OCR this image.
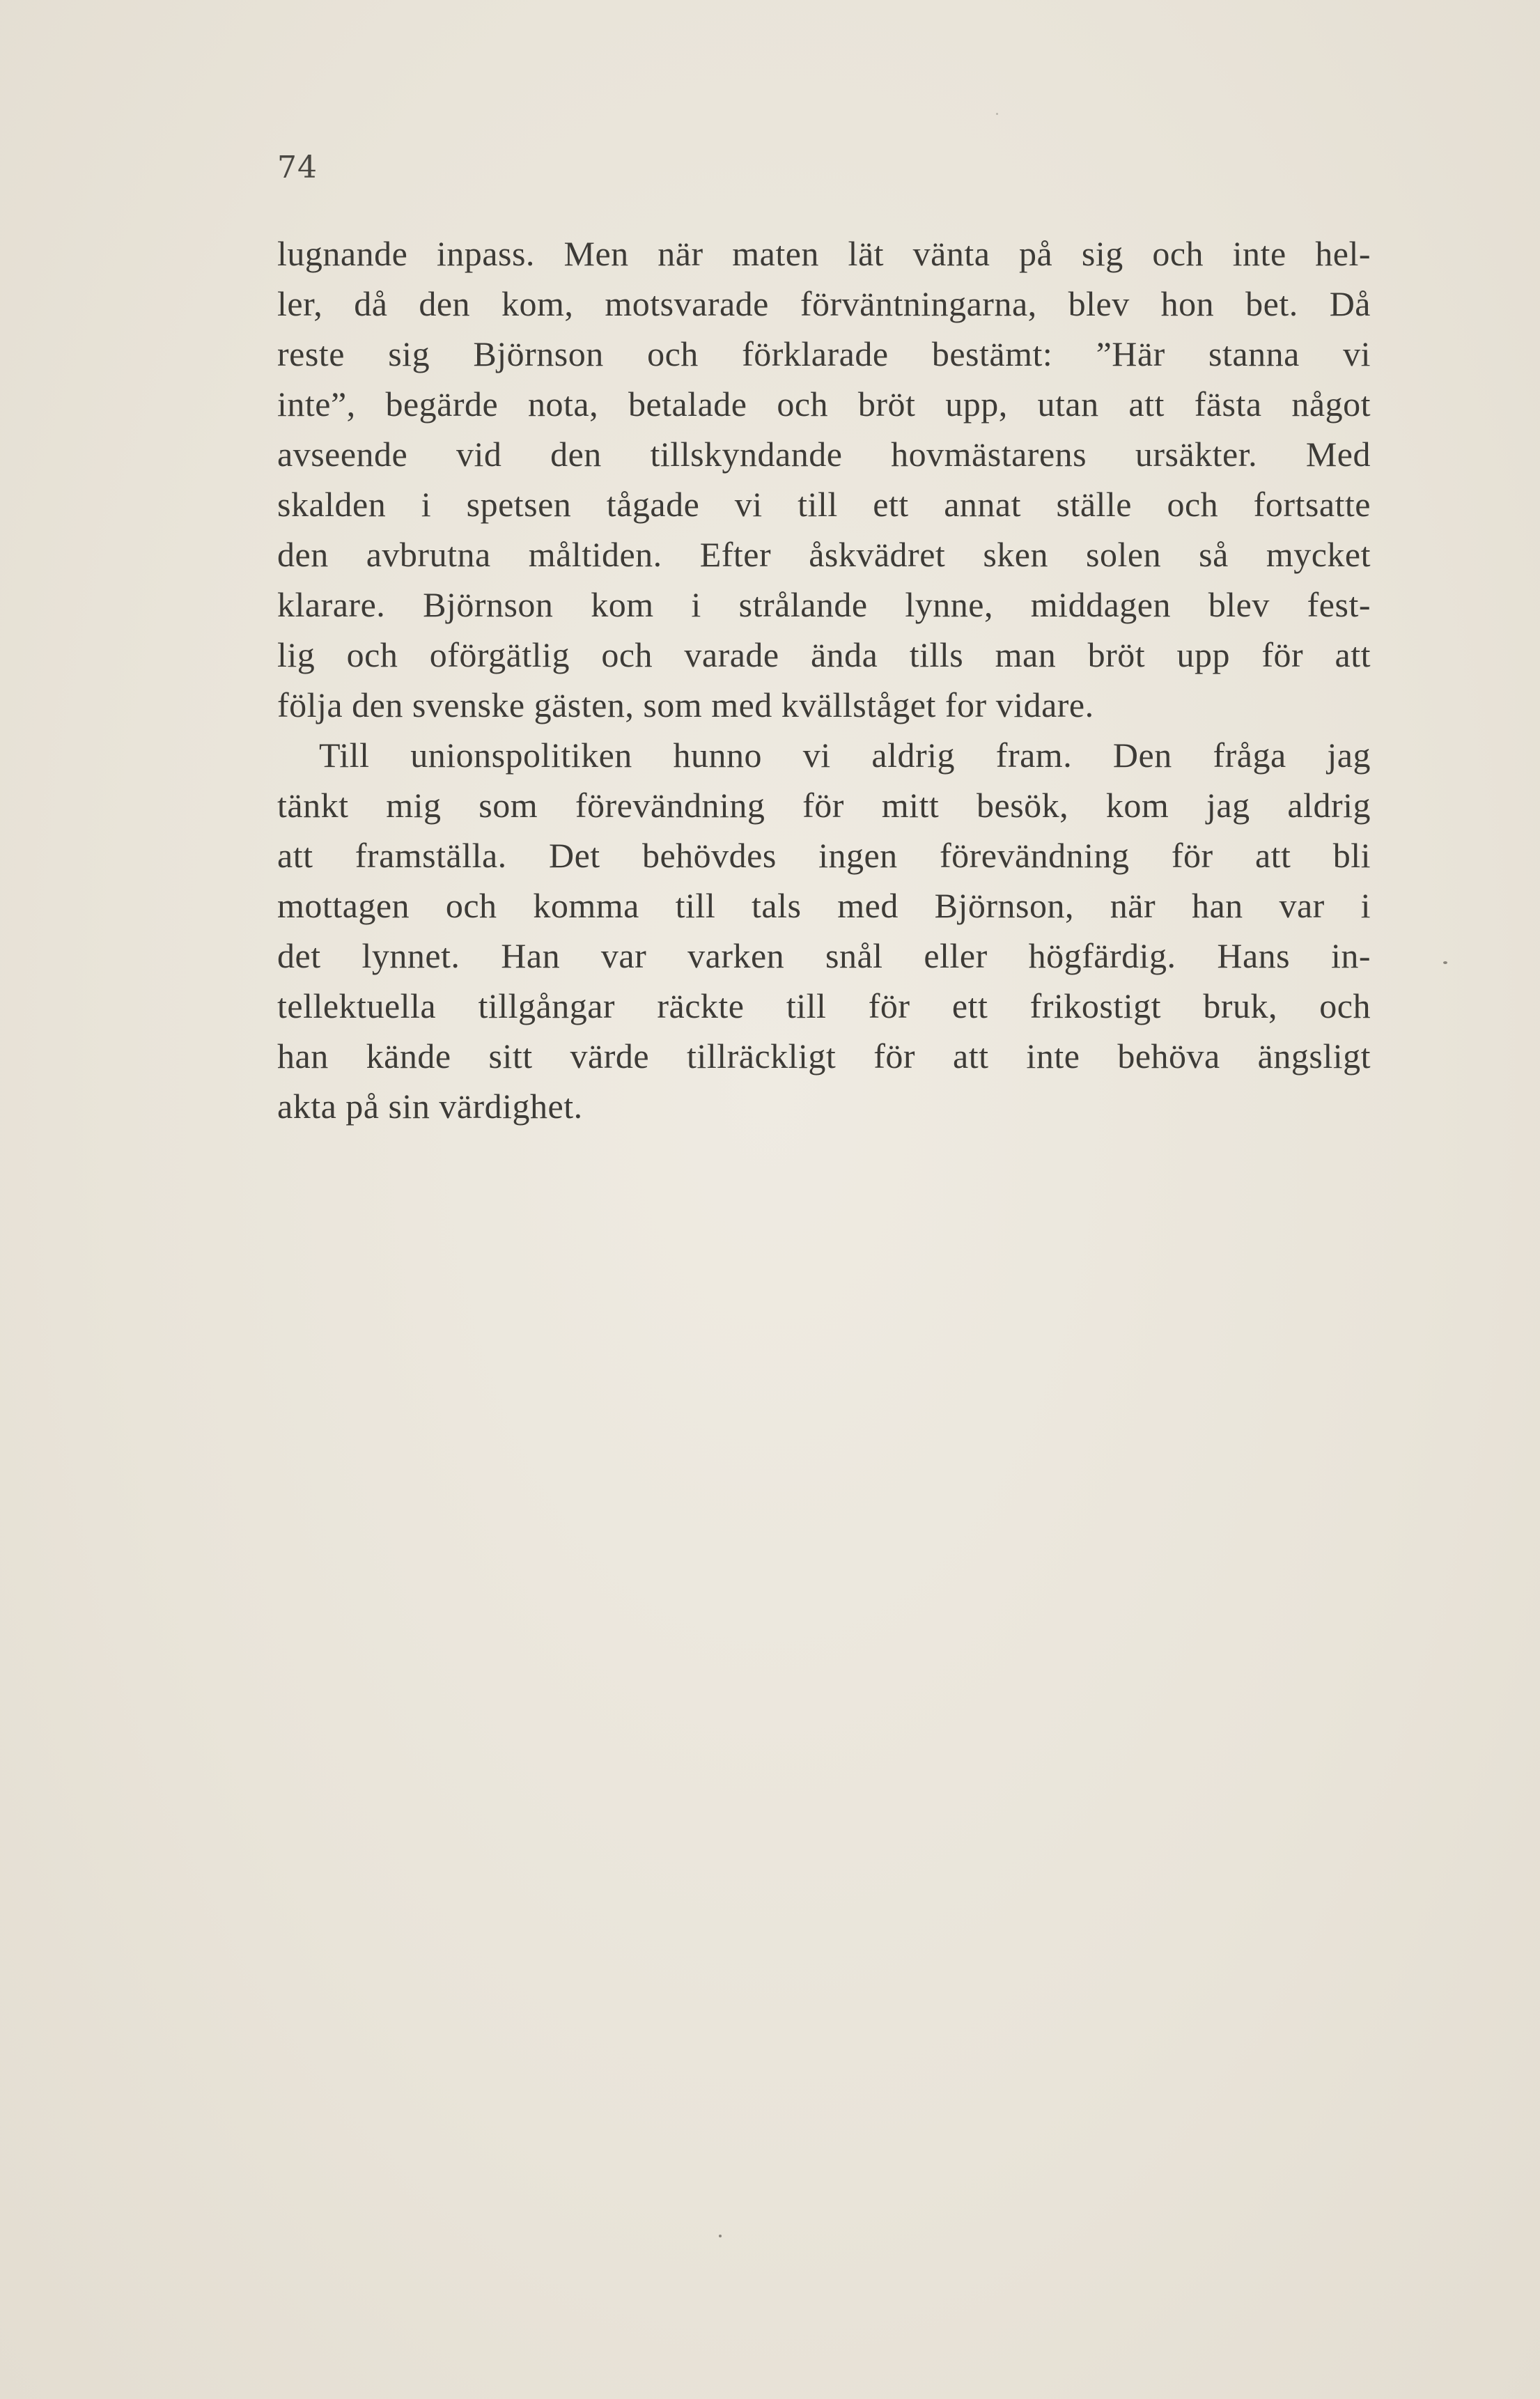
74
lugnande inpass. Men när maten lät vänta på sig och inte hel-
ler, då den kom, motsvarade förväntningarna, blev hon bet. Då
reste sig Björnson och förklarade bestämt: ”Här stanna vi
inte”, begärde nota, betalade och bröt upp, utan att fästa något
avseende vid den tillskyndande hovmästarens ursäkter. Med
skalden i spetsen tågade vi till ett annat ställe och fortsatte
den avbrutna måltiden. Efter åskvädret sken solen så mycket
klarare. Björnson kom i strålande lynne, middagen blev fest-
lig och oförgätlig och varade ända tills man bröt upp för att
följa den svenske gästen, som med kvällståget for vidare.
Till unionspolitiken hunno vi aldrig fram. Den fråga jag
tänkt mig som förevändning för mitt besök, kom jag aldrig
att framställa. Det behövdes ingen förevändning för att bli
mottagen och komma till tals med Björnson, när han var i
det lynnet. Han var varken snål eller högfärdig. Hans in-
tellektuella tillgångar räckte till för ett frikostigt bruk, och
han kände sitt värde tillräckligt för att inte behöva ängsligt
akta på sin värdighet.
